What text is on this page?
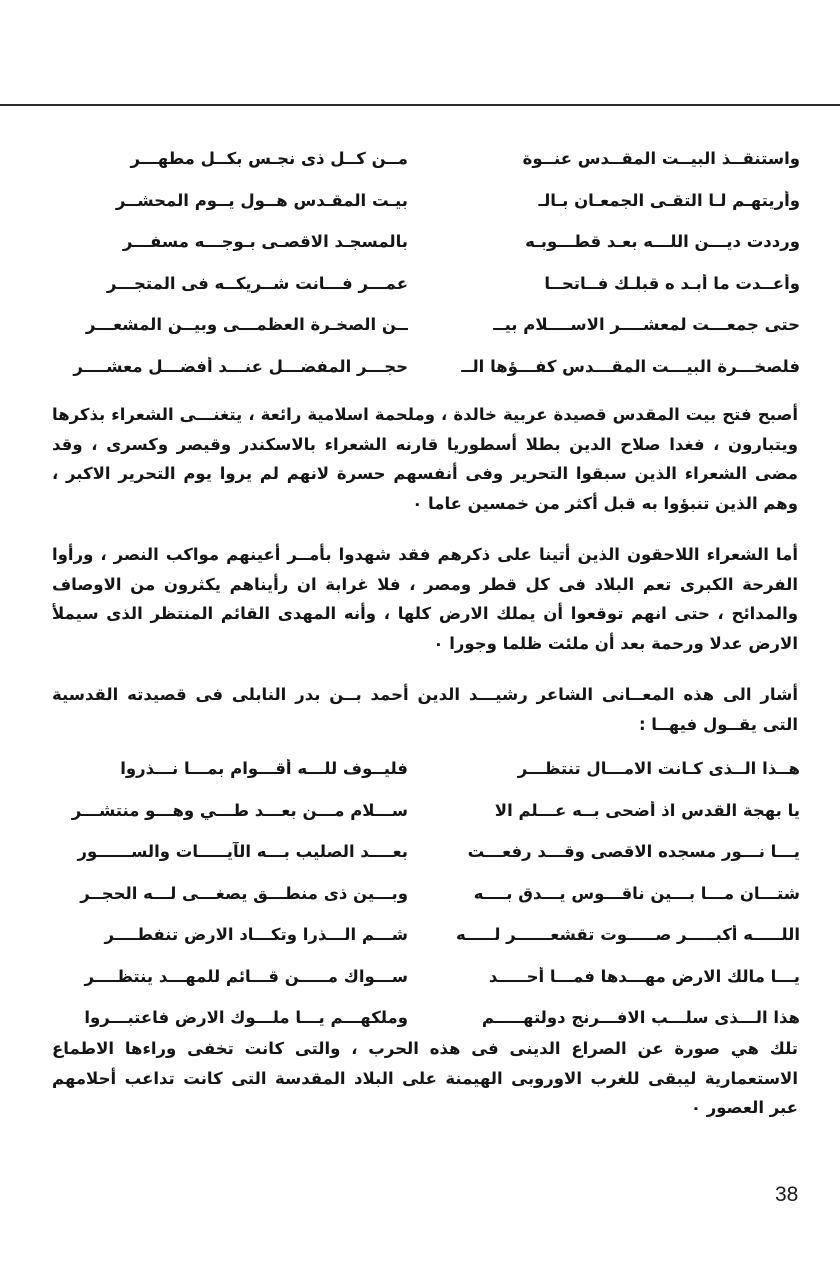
واستنقــذ البيــت المقــدس عنــوة
مــن كــل ذى نجـس بكــل مطهـــر
وأريتهـم لـا التقـى الجمعـان بـالـ
بيـت المقـدس هــول يــوم المحشــر
ورددت ديـــن اللـــه بعـد قطـــوبـه
بالمسجـد الاقصـى بـوجـــه مسفـــر
وأعــدت ما أبـد ه قبلـك فــاتحــا
عمـــر فـــانت شــريكــه فى المتجـــر
حتى جمعـــت لمعشــــر الاســــلام بيــ
ــن الصخـرة العظمـــى وبيــن المشعـــر
فلصخـــرة البيـــت المقـــدس كفـــؤها الــ
حجـــر المفضـــل عنـــد أفضـــل معشــــر
أصبح فتح بيت المقدس قصيدة عربية خالدة ، وملحمة اسلامية رائعة ، يتغنـــى الشعراء بذكرها ويتبارون ، فغدا صلاح الدين بطلا أسطوريا قارنه الشعراء بالاسكندر وقيصر وكسرى ، وقد مضى الشعراء الذين سبقوا التحرير وفى أنفسهم حسرة لانهم لم يروا يوم التحرير الاكبر ، وهم الذين تنبؤوا به قبل أكثر من خمسين عاما ٠
أما الشعراء اللاحقون الذين أتينا على ذكرهم فقد شهدوا بأمــر أعينهم مواكب النصر ، ورأوا الفرحة الكبرى تعم البلاد فى كل قطر ومصر ، فلا غرابة ان رأيناهم يكثرون من الاوصاف والمدائح ، حتى انهم توقعوا أن يملك الارض كلها ، وأنه المهدى القائم المنتظر الذى سيملأ الارض عدلا ورحمة بعد أن ملئت ظلما وجورا ٠
أشار الى هذه المعــانى الشاعر رشيـــد الدين أحمد بــن بدر النابلى فى قصيدته القدسية التى يقــول فيهــا :
هــذا الــذى كـانت الامـــال تنتظـــر
فليــوف للـــه أقـــوام بمـــا نـــذروا
يا بهجة القدس اذ أضحى بــه عـــلم الا
ســـلام مـــن بعـــد طـــي وهـــو منتشـــر
يـــا نـــور مسجده الاقصى وقـــد رفعـــت
بعــــد الصليب بـــه الآيـــــات والســــــور
شتـــان مـــا بـــين ناقـــوس يـــدق بــــه
وبـــين ذى منطـــق يصغـــى لـــه الحجــر
اللـــــه أكبـــــر صـــــوت تقشعــــــر لـــــه
شـــم الـــذرا وتكـــاد الارض تنفطــــر
يـــا مالك الارض مهـــدها فمـــا أحـــــد
ســـواك مـــــن قـــائم للمهـــد ينتظــــر
هذا الـــذى سلـــب الافـــرنج دولتهـــــم
وملكهـــم يـــا ملـــوك الارض فاعتبـــروا
تلك هي صورة عن الصراع الدينى فى هذه الحرب ، والتى كانت تخفى وراءها الاطماع الاستعمارية ليبقى للغرب الاوروبى الهيمنة على البلاد المقدسة التى كانت تداعب أحلامهم عبر العصور ٠
38
